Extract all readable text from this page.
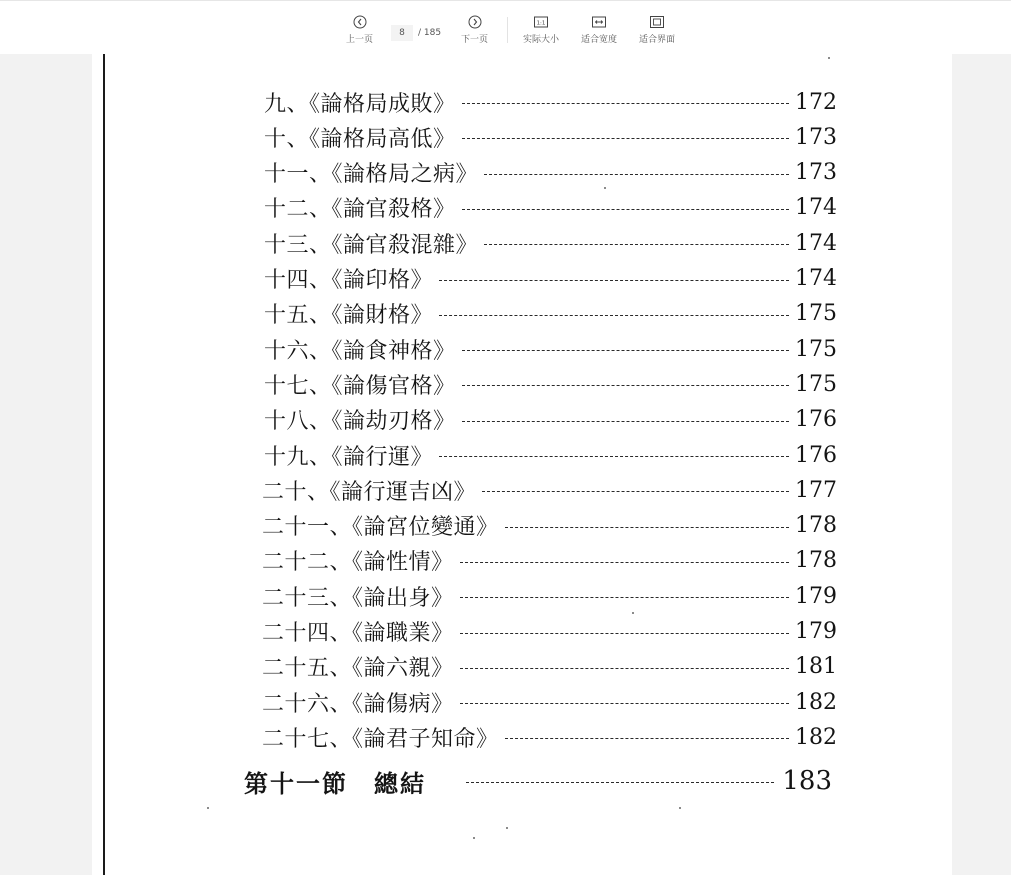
上一页
8
/ 185
下一页
1:1
实际大小 适合宽度 适合界面
九、《論格局成敗》	172
十、《論格局高低》	173
十一、《論格局之病》	173
十二、《論官殺格》	174
十三、《論官殺混雜》	174
十四、《論印格》	174
十五、《論財格》	175
十六、《論食神格》	175
十七、《論傷官格》	175
十八、《論劫刃格》	176
十九、《論行運》	176
二十、《論行運吉凶》	177
二十一、《論宮位變通》	178
二十二、《論性情》	178
二十三、《論出身》	179
二十四、《論職業》	179
二十五、《論六親》	181
二十六、《論傷病》	182
二十七、《論君子知命》	182
第十一節　總結	183
